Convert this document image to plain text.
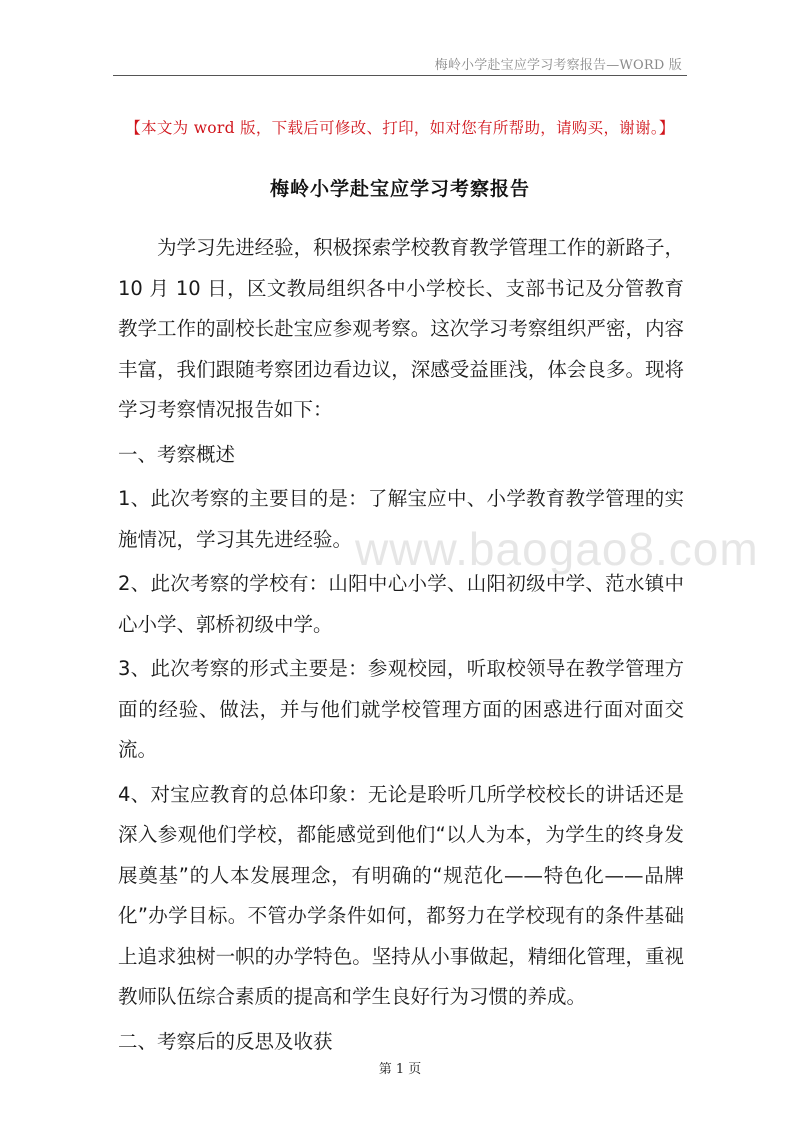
梅岭小学赴宝应学习考察报告—WORD 版
【本文为 word 版，下载后可修改、打印，如对您有所帮助，请购买，谢谢。】
梅岭小学赴宝应学习考察报告

为学习先进经验，积极探索学校教育教学管理工作的新路子，10 月 10 日，区文教局组织各中小学校长、支部书记及分管教育教学工作的副校长赴宝应参观考察。这次学习考察组织严密，内容丰富，我们跟随考察团边看边议，深感受益匪浅，体会良多。现将学习考察情况报告如下：

一、考察概述

1、此次考察的主要目的是：了解宝应中、小学教育教学管理的实施情况，学习其先进经验。

2、此次考察的学校有：山阳中心小学、山阳初级中学、范水镇中心小学、郭桥初级中学。

3、此次考察的形式主要是：参观校园，听取校领导在教学管理方面的经验、做法，并与他们就学校管理方面的困惑进行面对面交流。

4、对宝应教育的总体印象：无论是聆听几所学校校长的讲话还是深入参观他们学校，都能感觉到他们“以人为本，为学生的终身发展奠基”的人本发展理念，有明确的“规范化——特色化——品牌化”办学目标。不管办学条件如何，都努力在学校现有的条件基础上追求独树一帜的办学特色。坚持从小事做起，精细化管理，重视教师队伍综合素质的提高和学生良好行为习惯的养成。

二、考察后的反思及收获

www.baogao8.com
第 1 页
